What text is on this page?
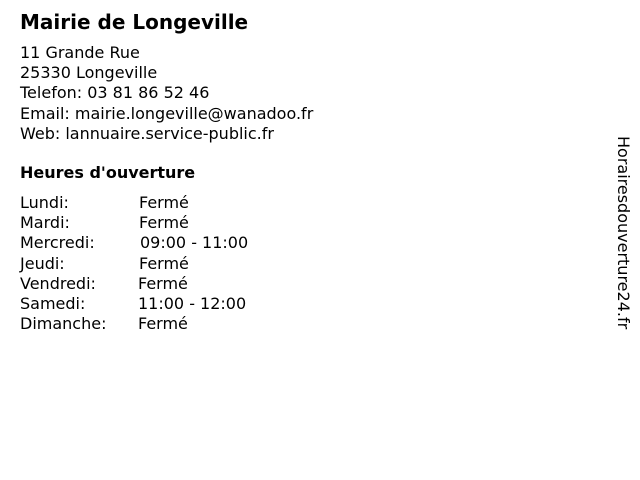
Mairie de Longeville
11 Grande Rue
25330 Longeville
Telefon: 03 81 86 52 46
Email: mairie.longeville@wanadoo.fr
Web: lannuaire.service-public.fr
Heures d'ouverture
Lundi:	Fermé
Mardi:	Fermé
Mercredi:	09:00 - 11:00
Jeudi:	Fermé
Vendredi:	Fermé
Samedi:	11:00 - 12:00
Dimanche: Fermé	Horairesdouverture24.fr
